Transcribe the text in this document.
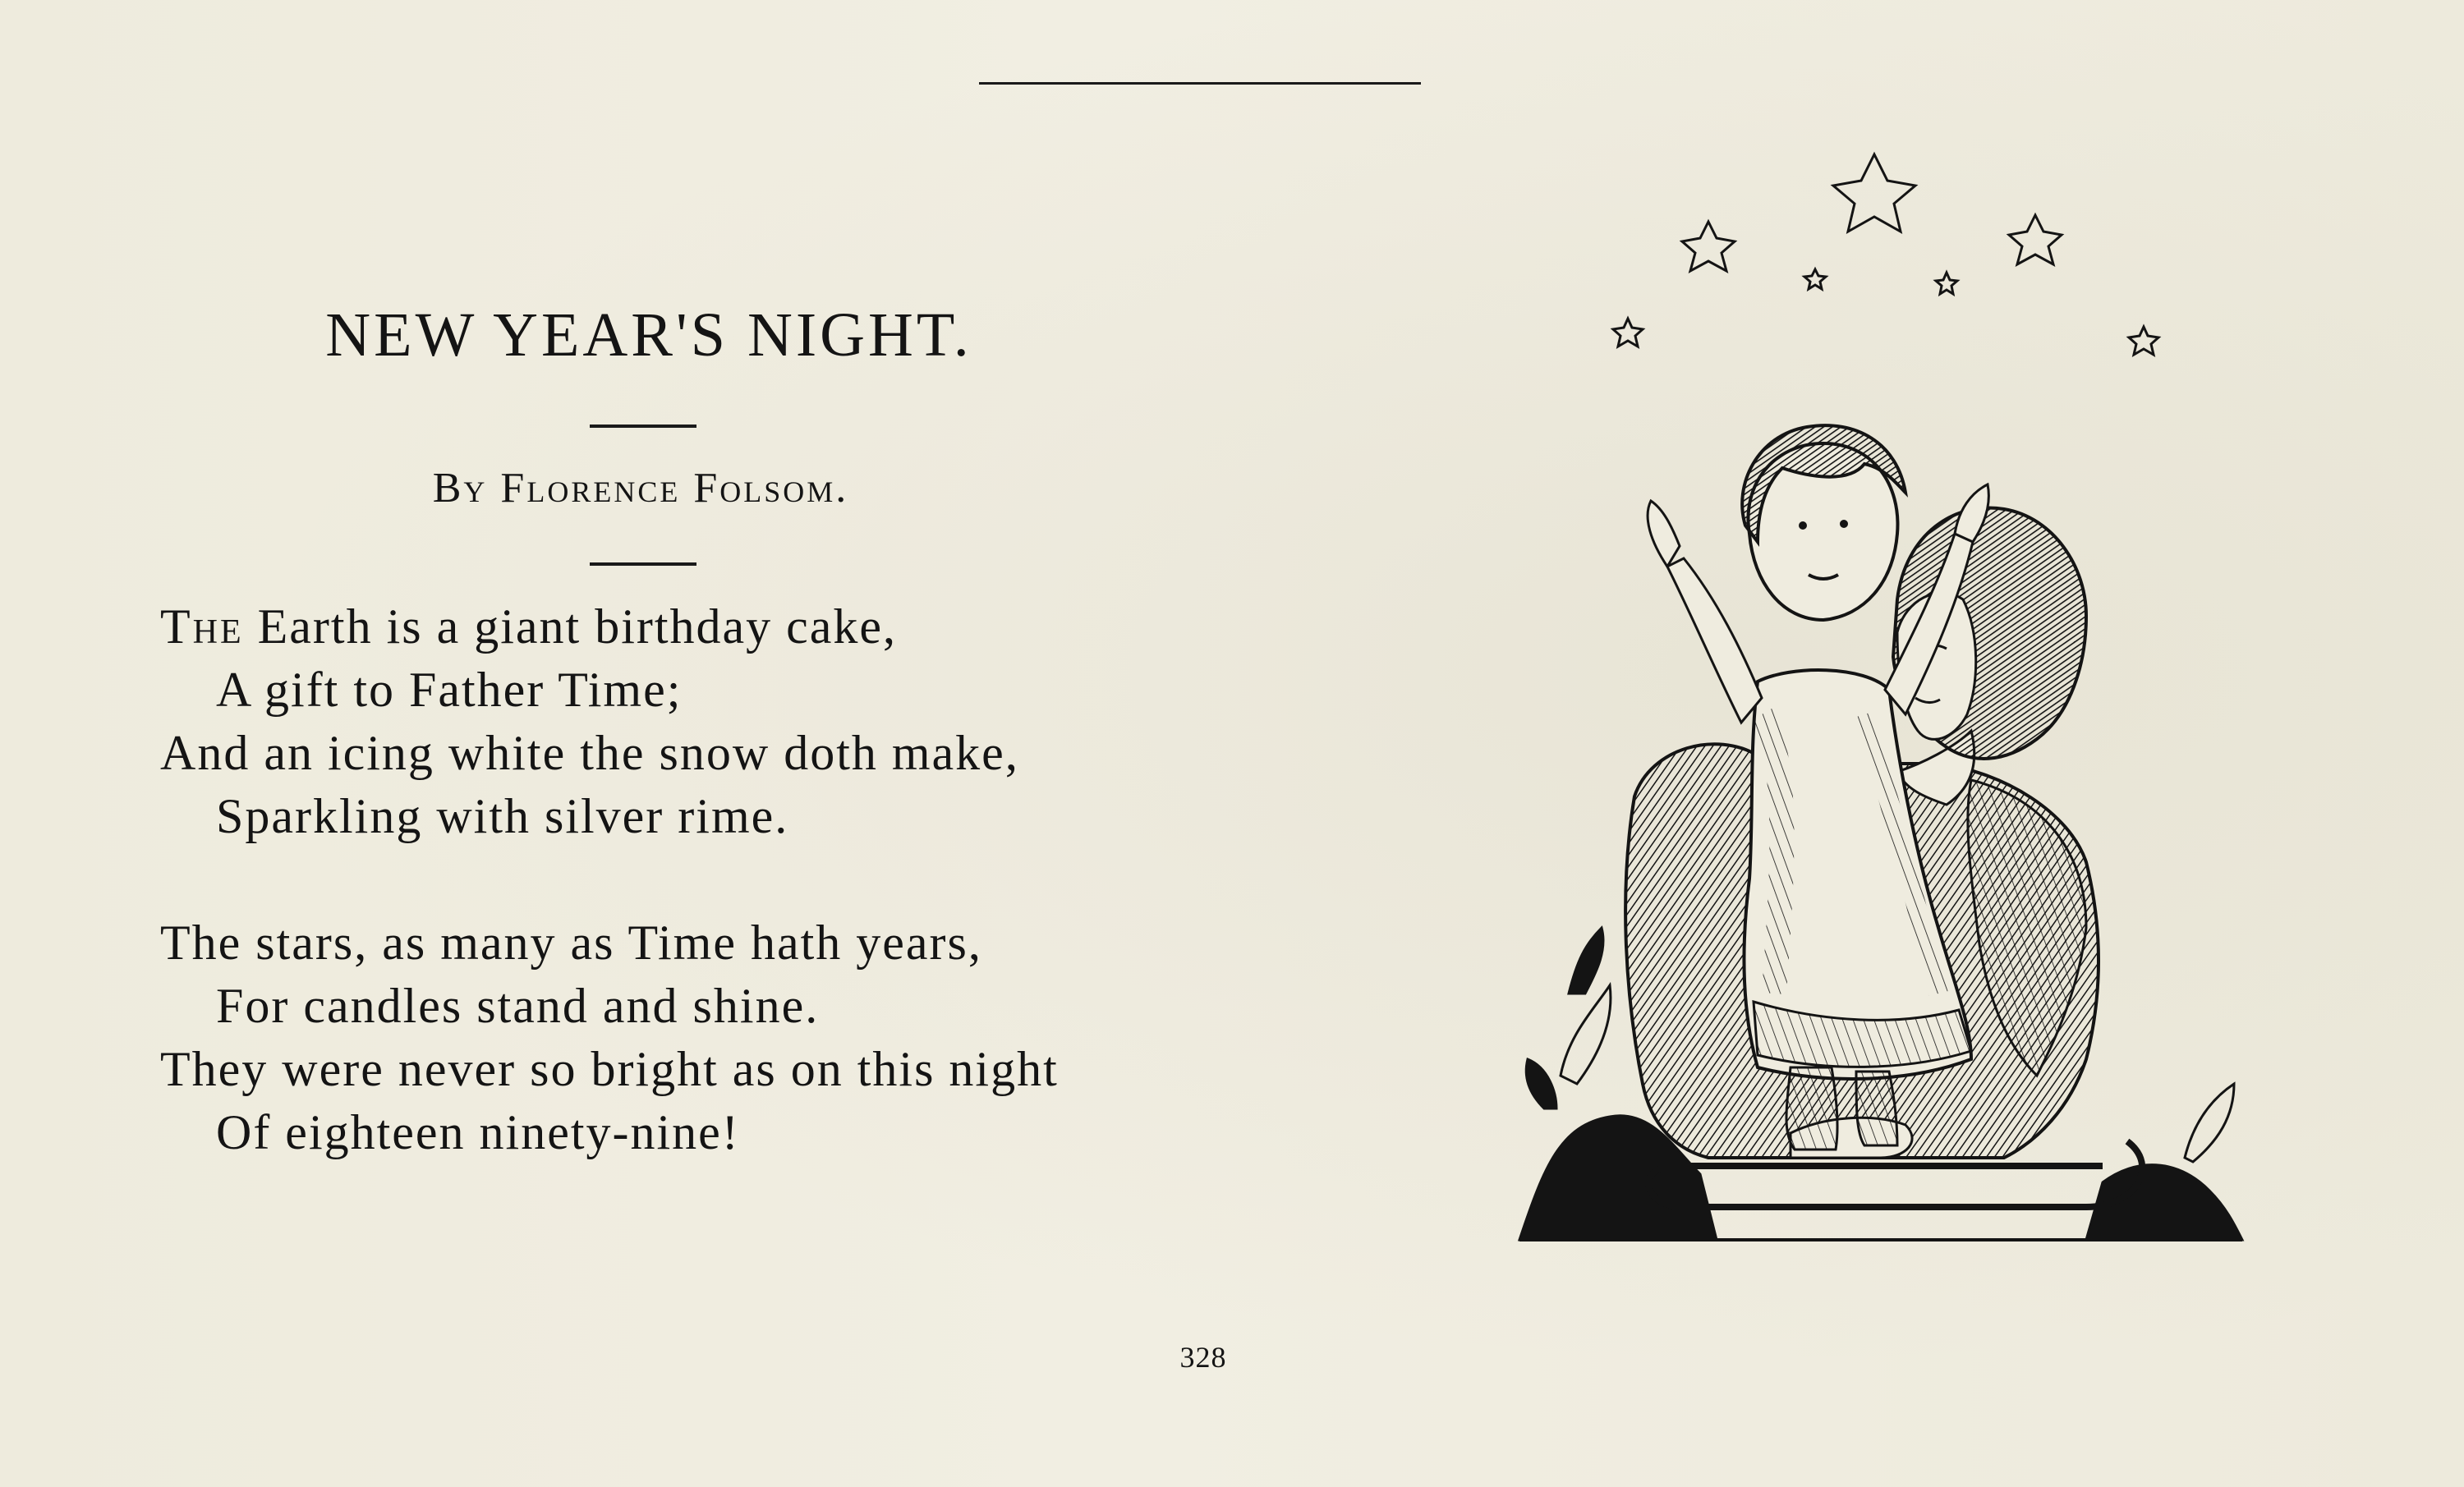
NEW YEAR'S NIGHT.
By Florence Folsom.
The Earth is a giant birthday cake,
A gift to Father Time;
And an icing white the snow doth make,
Sparkling with silver rime.
The stars, as many as Time hath years,
For candles stand and shine.
They were never so bright as on this night
Of eighteen ninety-nine!
328
